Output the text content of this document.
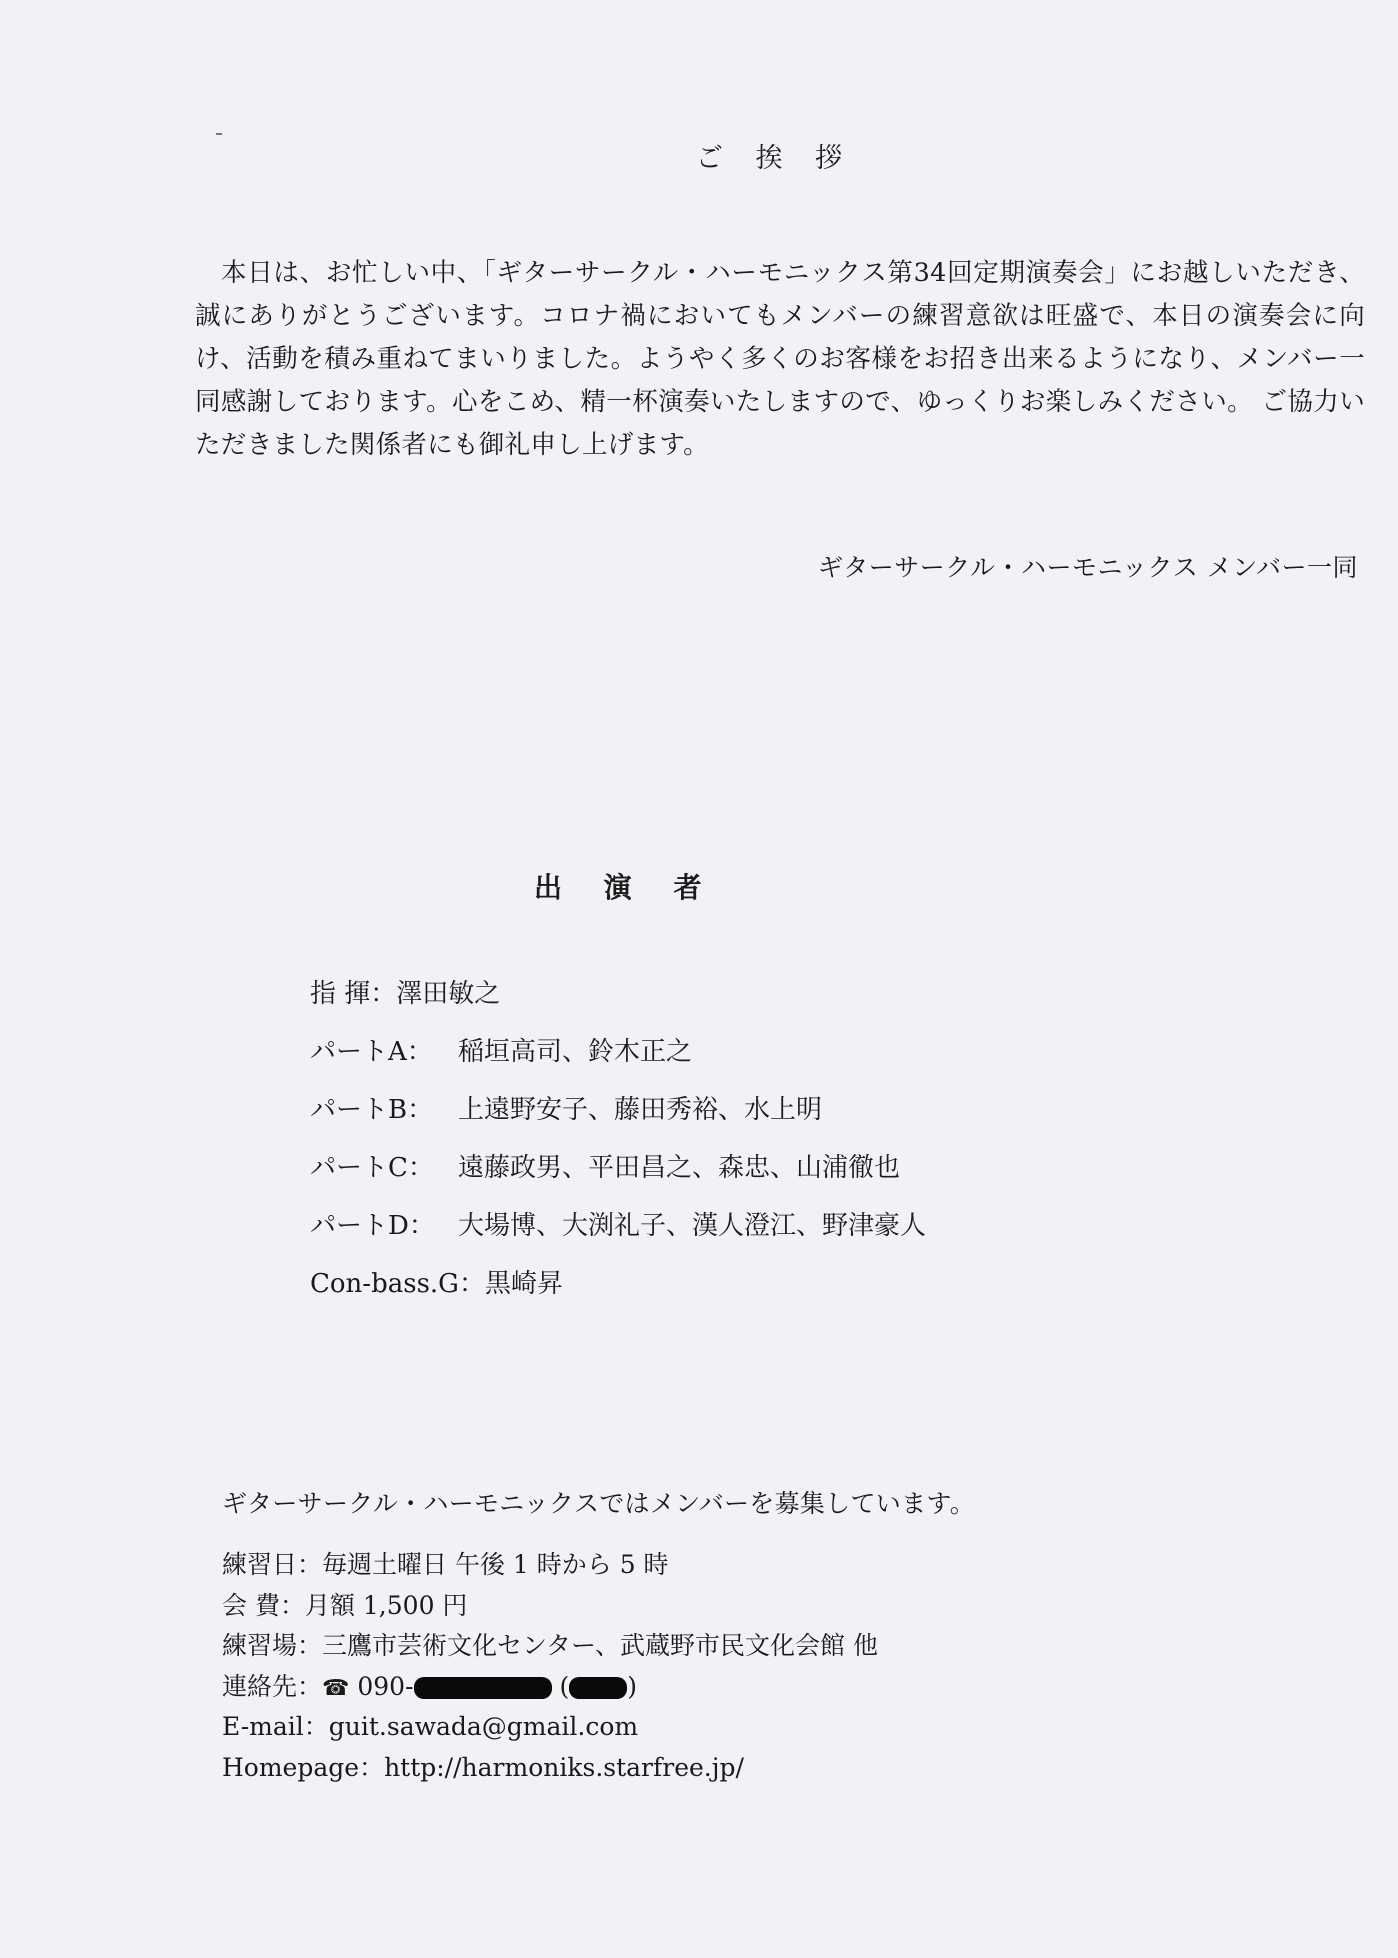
ご 挨 拶
本日は、お忙しい中、「ギターサークル・ハーモニックス第34回定期演奏会」にお越しいただき、誠にありがとうございます。コロナ禍においてもメンバーの練習意欲は旺盛で、本日の演奏会に向け、活動を積み重ねてまいりました。ようやく多くのお客様をお招き出来るようになり、メンバー一同感謝しております。心をこめ、精一杯演奏いたしますので、ゆっくりお楽しみください。 ご協力いただきました関係者にも御礼申し上げます。
ギターサークル・ハーモニックス メンバー一同
出 演 者
指 揮： 澤田敏之
パートA： 稲垣高司、鈴木正之
パートB： 上遠野安子、藤田秀裕、水上明
パートC： 遠藤政男、平田昌之、森忠、山浦徹也
パートD： 大場博、大渕礼子、漢人澄江、野津豪人
Con-bass.G： 黒崎昇
ギターサークル・ハーモニックスではメンバーを募集しています。
練習日：毎週土曜日 午後 1 時から 5 時
会 費：月額 1,500 円
練習場：三鷹市芸術文化センター、武蔵野市民文化会館 他
連絡先：☎ 090-	( )
E-mail：guit.sawada@gmail.com
Homepage：http://harmoniks.starfree.jp/
